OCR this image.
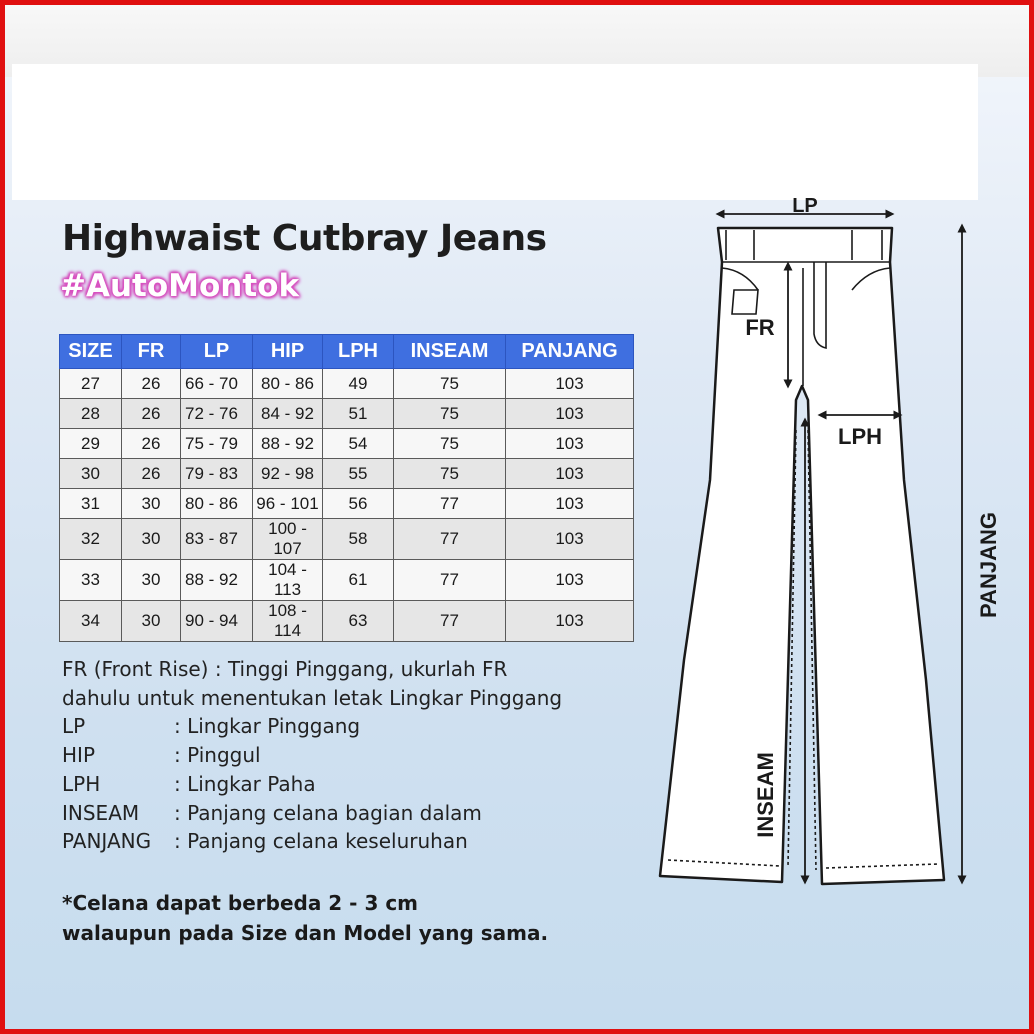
Highwaist Cutbray Jeans
#AutoMontok
SIZE	FR	LP	HIP	LPH	INSEAM	PANJANG
27	26	66 - 70	80 - 86	49	75	103
28	26	72 - 76	84 - 92	51	75	103
29	26	75 - 79	88 - 92	54	75	103
30	26	79 - 83	92 - 98	55	75	103
31	30	80 - 86	96 - 101	56	77	103
32	30	83 - 87	100 - 107	58	77	103
33	30	88 - 92	104 - 113	61	77	103
34	30	90 - 94	108 - 114	63	77	103
FR (Front Rise) : Tinggi Pinggang, ukurlah FR
dahulu untuk menentukan letak Lingkar Pinggang
LP	: Lingkar Pinggang
HIP	: Pinggul
LPH	: Lingkar Paha
INSEAM : Panjang celana bagian dalam
PANJANG : Panjang celana keseluruhan
*Celana dapat berbeda 2 - 3 cm
walaupun pada Size dan Model yang sama.
LP
FR
LPH
PANJANG
INSEAM
